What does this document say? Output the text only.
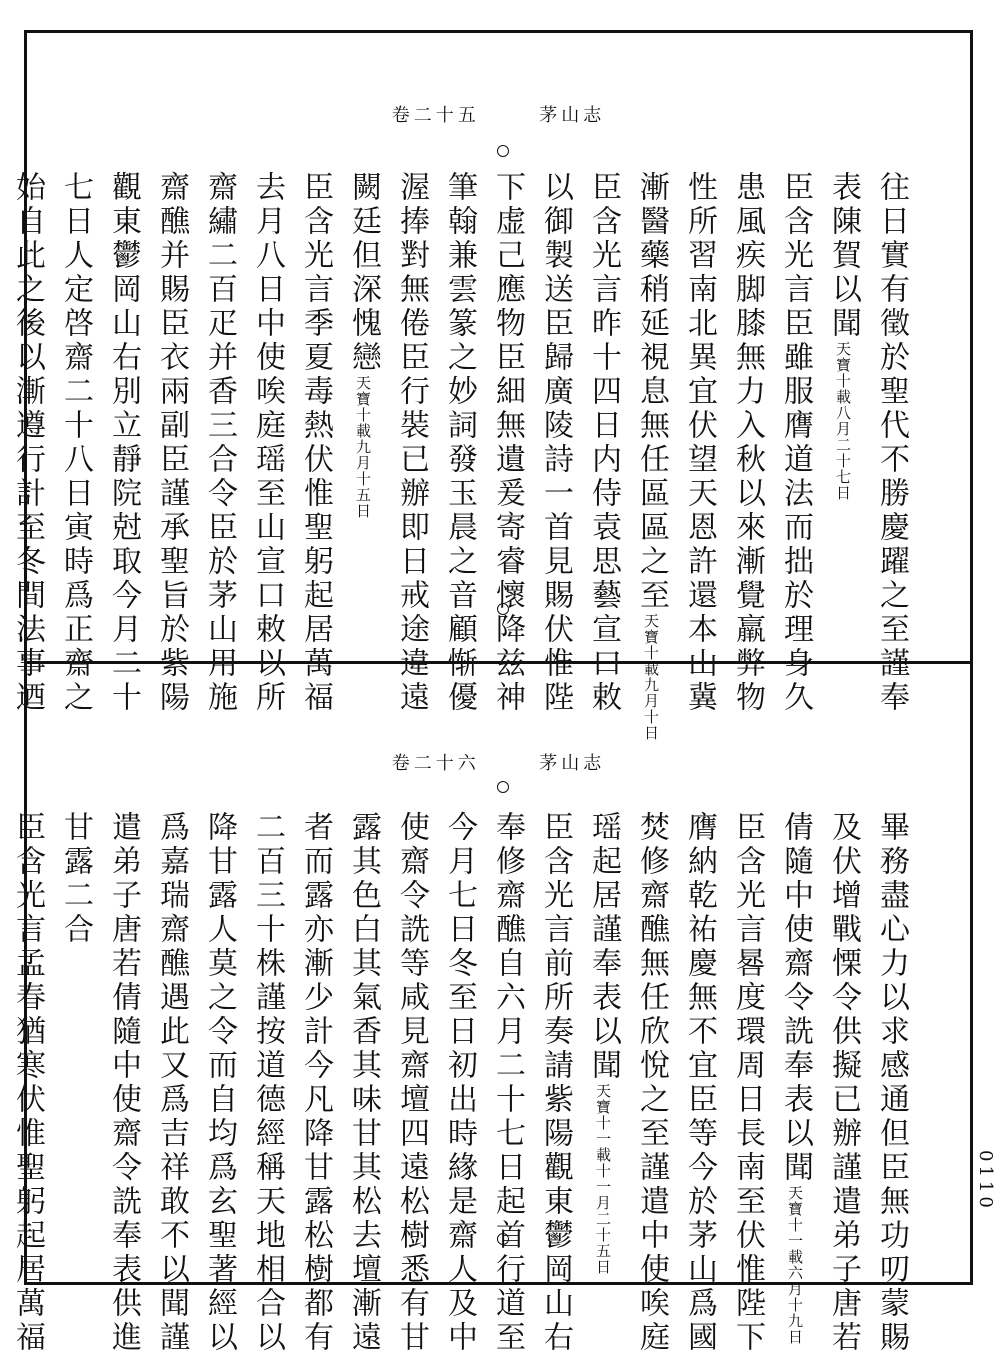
卷二十五	茅山志
往日實有徵於聖代不勝慶躍之至謹奉
表陳賀以聞天寶十載八月二十七日
臣含光言臣雖服膺道法而拙於理身久
患風疾脚膝無力入秋以來漸覺羸弊物
性所習南北異宜伏望天恩許還本山冀
漸醫藥稍延視息無任區區之至天寶十載九月十日
臣含光言昨十四日内侍袁思藝宣口敕
以御製送臣歸廣陵詩一首見賜伏惟陛
下虚己應物臣細無遺爰寄睿懷降兹神
筆翰兼雲篆之妙詞發玉晨之音顧惭優
渥捧對無倦臣行裝已辦即日戒途違遠
闕廷但深愧戀天寶十載九月十五日
臣含光言季夏毒熱伏惟聖躬起居萬福
去月八日中使唉庭瑶至山宣口敕以所
齋繡二百疋并香三合令臣於茅山用施
齋醮并賜臣衣兩副臣謹承聖旨於紫陽
觀東鬱岡山右別立靜院尅取今月二十
七日人定啓齋二十八日寅時爲正齋之
始自此之後以漸遵行計至冬間法事迺
卷二十六	茅山志
畢務盡心力以求感通但臣無功叨蒙賜
及伏增戰慄令供擬已辦謹遣弟子唐若
倩隨中使齋令詵奉表以聞天寶十一載六月十九日
臣含光言晷度環周日長南至伏惟陛下
膺納乾祐慶無不宜臣等今於茅山爲國
焚修齋醮無任欣悅之至謹遣中使唉庭
瑶起居謹奉表以聞天寶十一載十一月二十五日
臣含光言前所奏請紫陽觀東鬱岡山右
奉修齋醮自六月二十七日起首行道至
今月七日冬至日初出時緣是齋人及中
使齋令詵等咸見齋壇四遠松樹悉有甘
露其色白其氣香其味甘其松去壇漸遠
者而露亦漸少計今凡降甘露松樹都有
二百三十株謹按道德經稱天地相合以
降甘露人莫之令而自均爲玄聖著經以
爲嘉瑞齋醮遇此又爲吉祥敢不以聞謹
遣弟子唐若倩隨中使齋令詵奉表供進
甘露二合
臣含光言孟春猶寒伏惟聖躬起居萬福	0110
